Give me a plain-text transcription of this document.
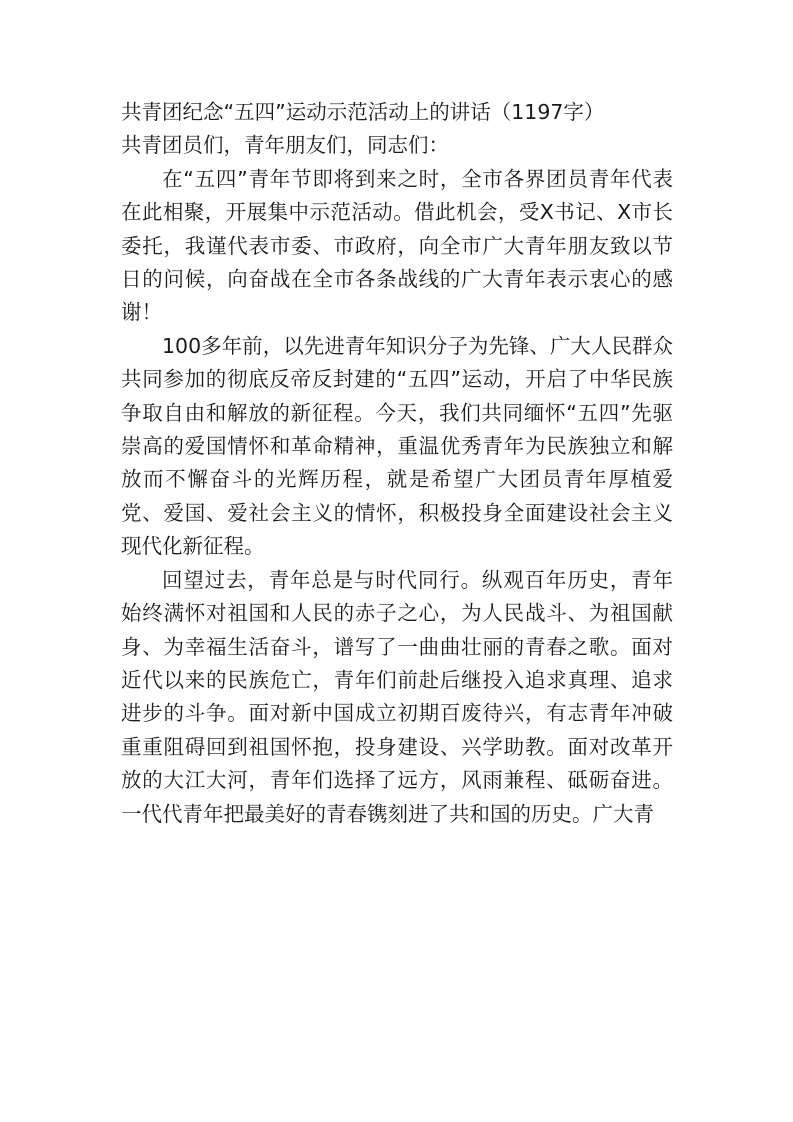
共青团纪念“五四”运动示范活动上的讲话（1197字）

共青团员们，青年朋友们，同志们：

在“五四”青年节即将到来之时，全市各界团员青年代表在此相聚，开展集中示范活动。借此机会，受X书记、X市长委托，我谨代表市委、市政府，向全市广大青年朋友致以节日的问候，向奋战在全市各条战线的广大青年表示衷心的感谢！

100多年前，以先进青年知识分子为先锋、广大人民群众共同参加的彻底反帝反封建的“五四”运动，开启了中华民族争取自由和解放的新征程。今天，我们共同缅怀“五四”先驱崇高的爱国情怀和革命精神，重温优秀青年为民族独立和解放而不懈奋斗的光辉历程，就是希望广大团员青年厚植爱党、爱国、爱社会主义的情怀，积极投身全面建设社会主义现代化新征程。

回望过去，青年总是与时代同行。纵观百年历史，青年始终满怀对祖国和人民的赤子之心，为人民战斗、为祖国献身、为幸福生活奋斗，谱写了一曲曲壮丽的青春之歌。面对近代以来的民族危亡，青年们前赴后继投入追求真理、追求进步的斗争。面对新中国成立初期百废待兴，有志青年冲破重重阻碍回到祖国怀抱，投身建设、兴学助教。面对改革开放的大江大河，青年们选择了远方，风雨兼程、砥砺奋进。一代代青年把最美好的青春镌刻进了共和国的历史。广大青
